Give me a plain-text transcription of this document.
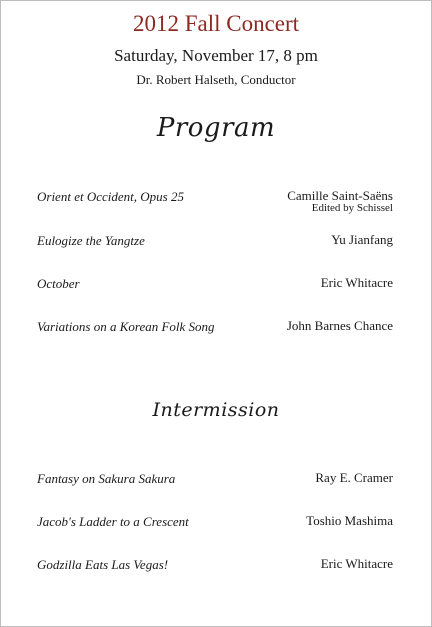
2012 Fall Concert
Saturday, November 17, 8 pm
Dr. Robert Halseth, Conductor
Program
Orient et Occident, Opus 25	Camille Saint-Saëns
Edited by Schissel
Eulogize the Yangtze	Yu Jianfang
October	Eric Whitacre
Variations on a Korean Folk Song	John Barnes Chance
Intermission
Fantasy on Sakura Sakura	Ray E. Cramer
Jacob's Ladder to a Crescent	Toshio Mashima
Godzilla Eats Las Vegas!	Eric Whitacre
